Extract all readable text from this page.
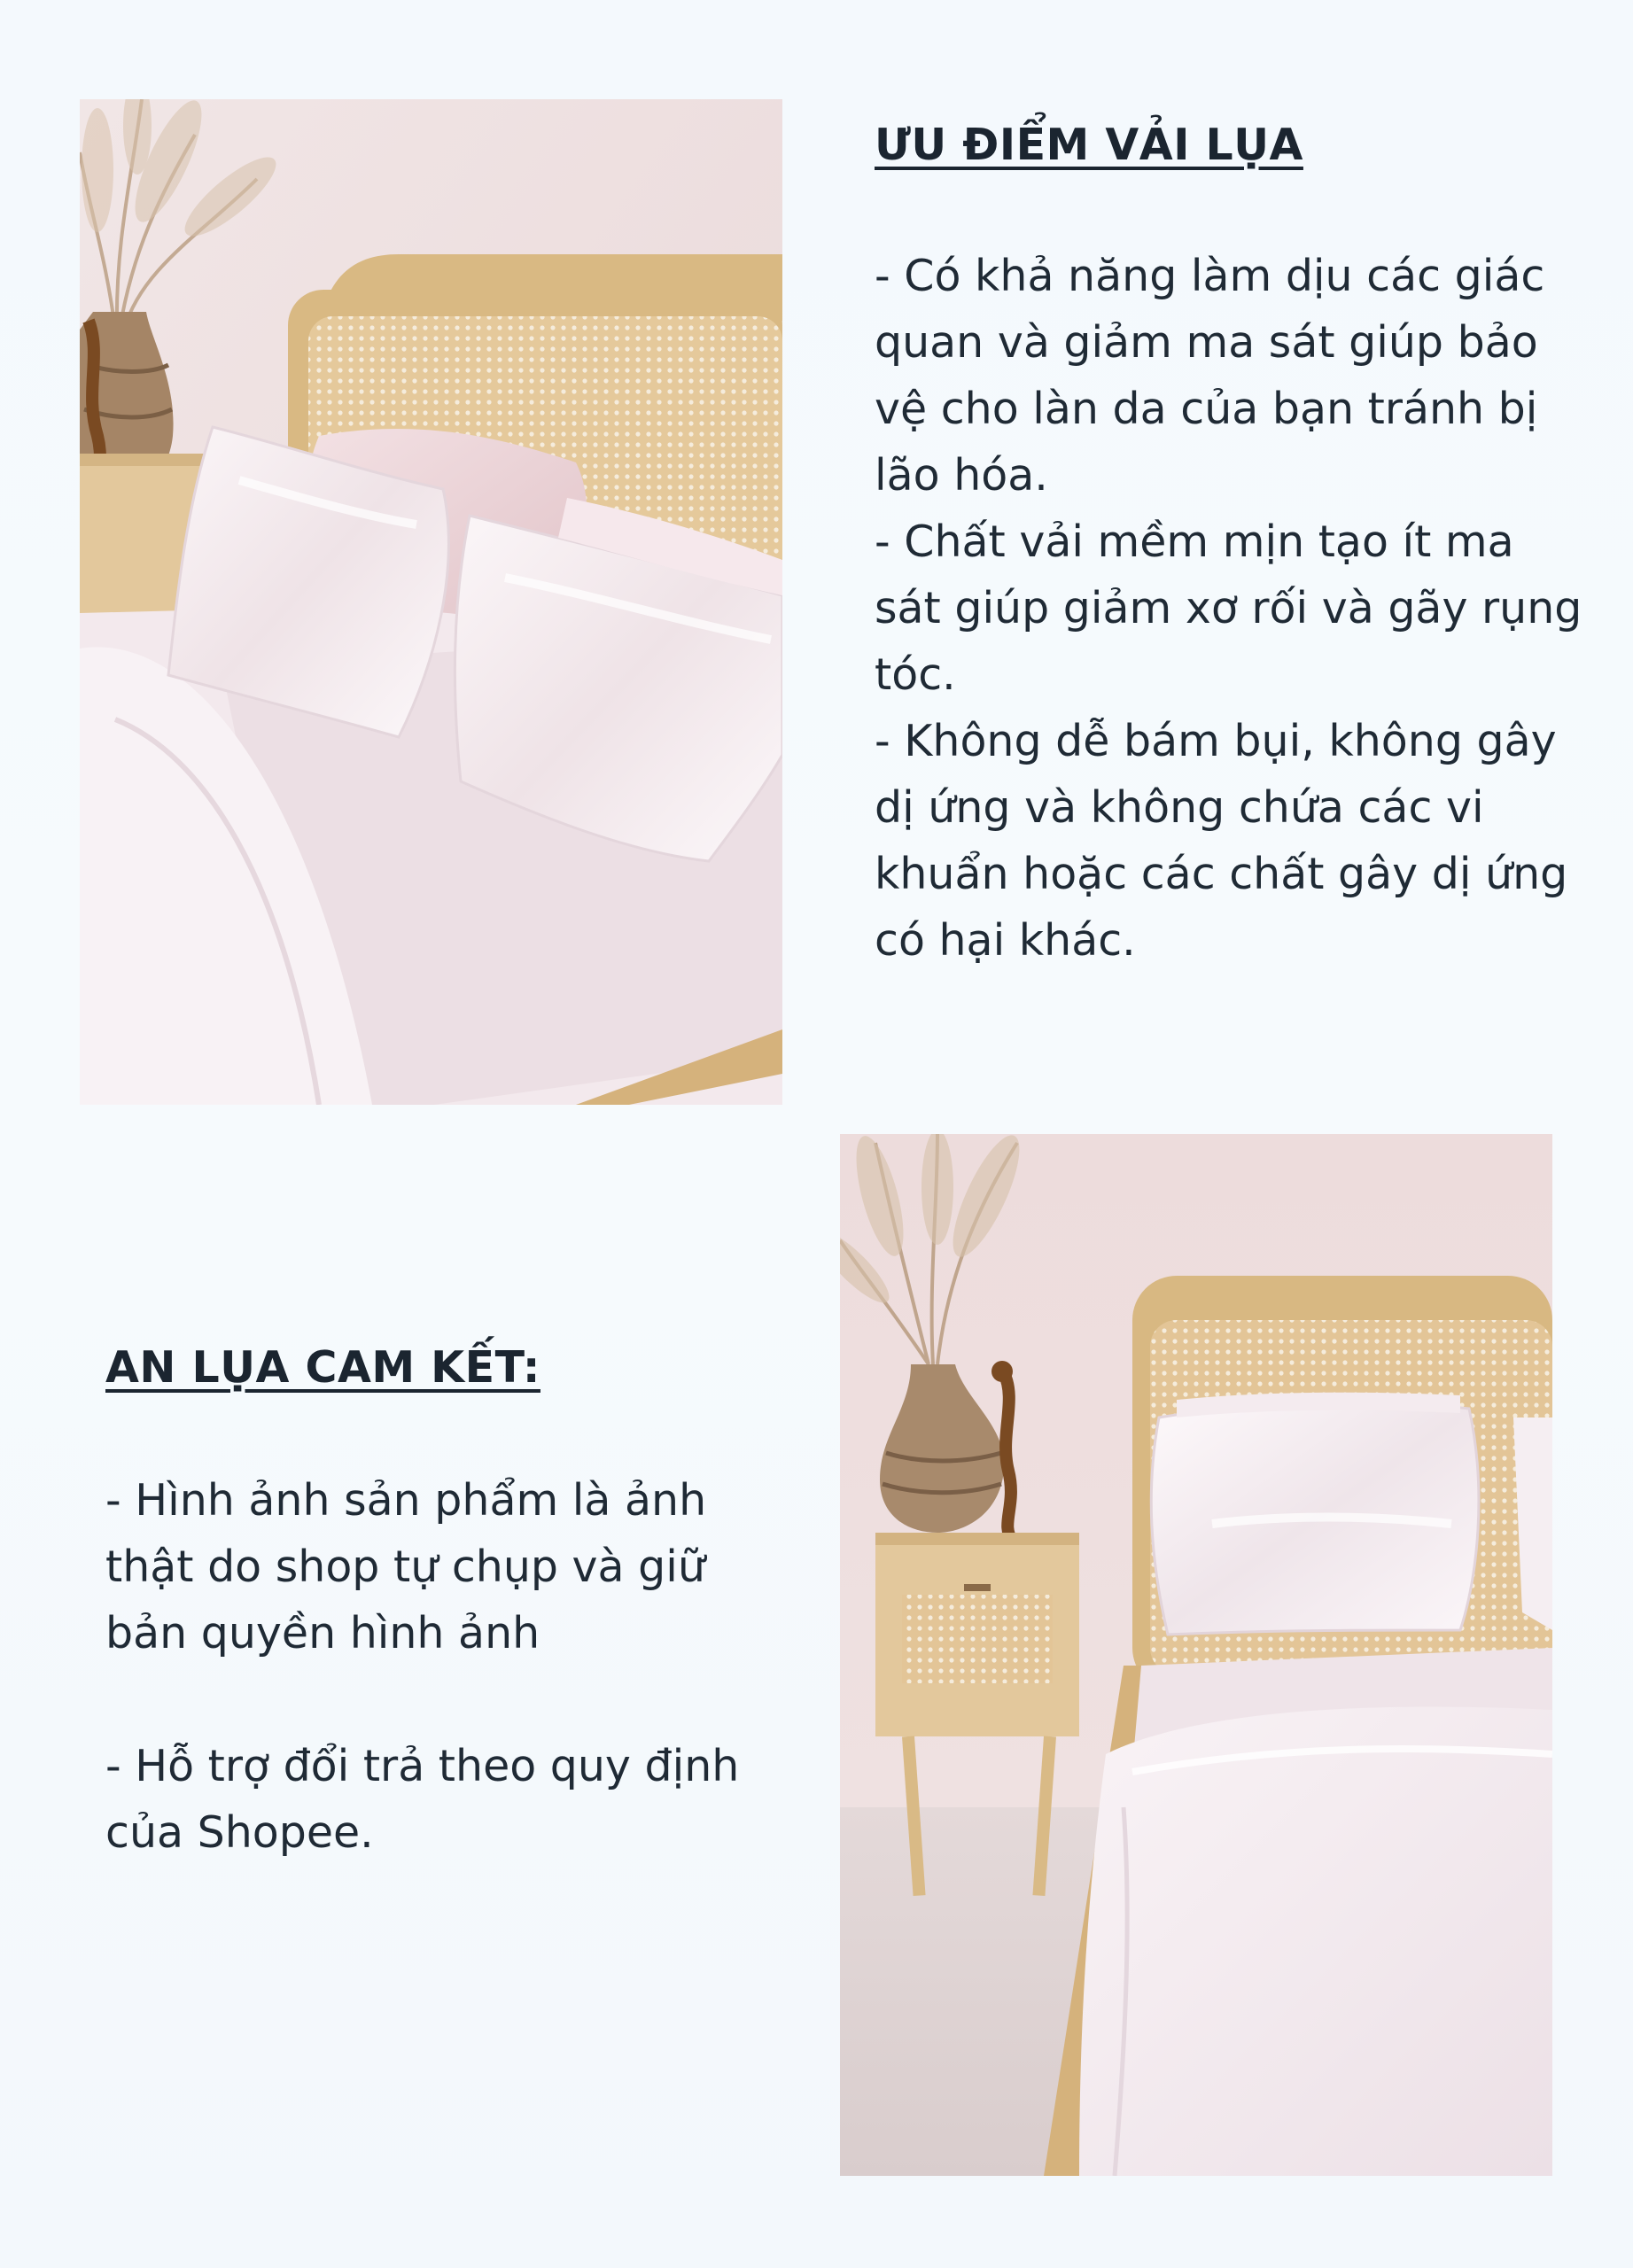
ƯU ĐIỂM VẢI LỤA

- Có khả năng làm dịu các giác quan và giảm ma sát giúp bảo vệ cho làn da của bạn tránh bị lão hóa.

- Chất vải mềm mịn tạo ít ma sát giúp giảm xơ rối và gãy rụng tóc.

- Không dễ bám bụi, không gây dị ứng và không chứa các vi khuẩn hoặc các chất gây dị ứng có hại khác.

AN LỤA CAM KẾT:

- Hình ảnh sản phẩm là ảnh thật do shop tự chụp và giữ bản quyền hình ảnh

- Hỗ trợ đổi trả theo quy định của Shopee.
